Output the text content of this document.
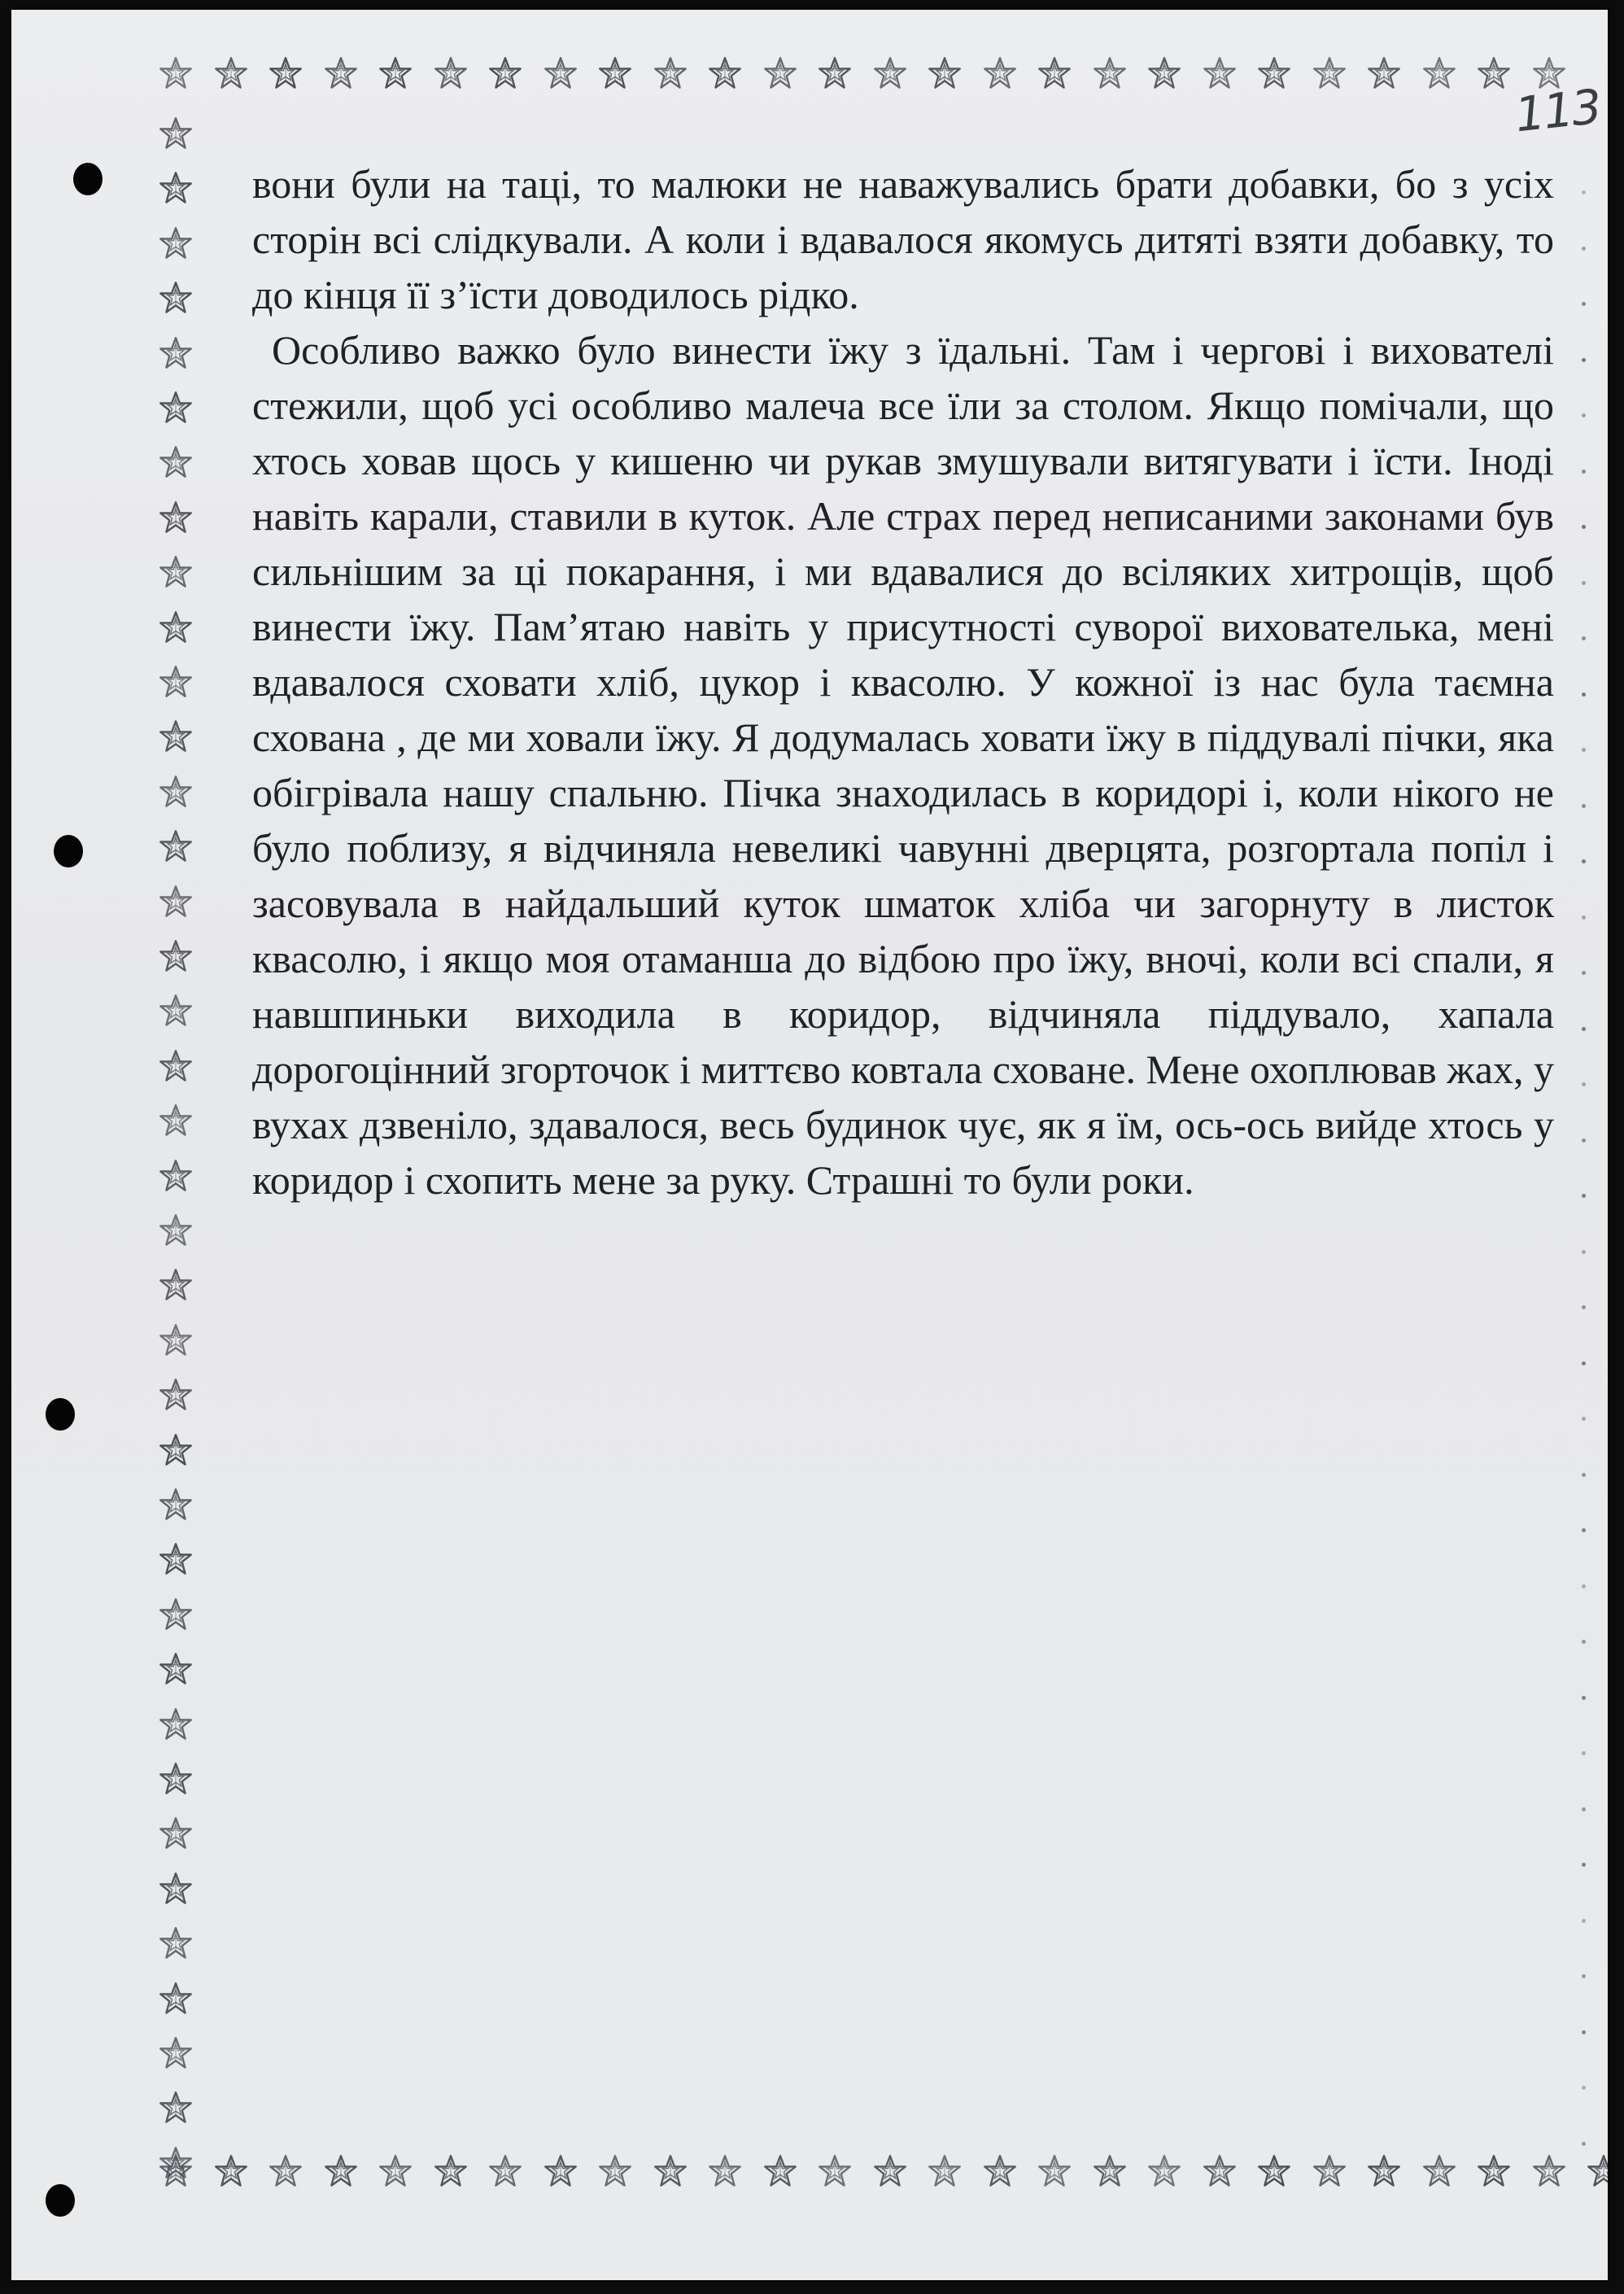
113

вони були на таці, то малюки не наважувались брати добавки, бо з усіх сторін всі слідкували. А коли і вдавалося якомусь дитяті взяти добавку, то до кінця її з’їсти доводилось рідко.

Особливо важко було винести їжу з їдальні. Там і чергові і вихователі стежили, щоб усі особливо малеча все їли за столом. Якщо помічали, що хтось ховав щось у кишеню чи рукав змушували витягувати і їсти. Іноді навіть карали, ставили в куток. Але страх перед неписаними законами був сильнішим за ці покарання, і ми вдавалися до всіляких хитрощів, щоб винести їжу. Пам’ятаю навіть у присутності суворої вихователька, мені вдавалося сховати хліб, цукор і квасолю. У кожної із нас була таємна схована , де ми ховали їжу. Я додумалась ховати їжу в піддувалі пічки, яка обігрівала нашу спальню. Пічка знаходилась в коридорі і, коли нікого не було поблизу, я відчиняла невеликі чавунні дверцята, розгортала попіл і засовувала в найдальший куток шматок хліба чи загорнуту в листок квасолю, і якщо моя отаманша до відбою про їжу, вночі, коли всі спали, я навшпиньки виходила в коридор, відчиняла піддувало, хапала дорогоцінний згорточок і миттєво ковтала сховане. Мене охоплював жах, у вухах дзвеніло, здавалося, весь будинок чує, як я їм, ось-ось вийде хтось у коридор і схопить мене за руку. Страшні то були роки.
